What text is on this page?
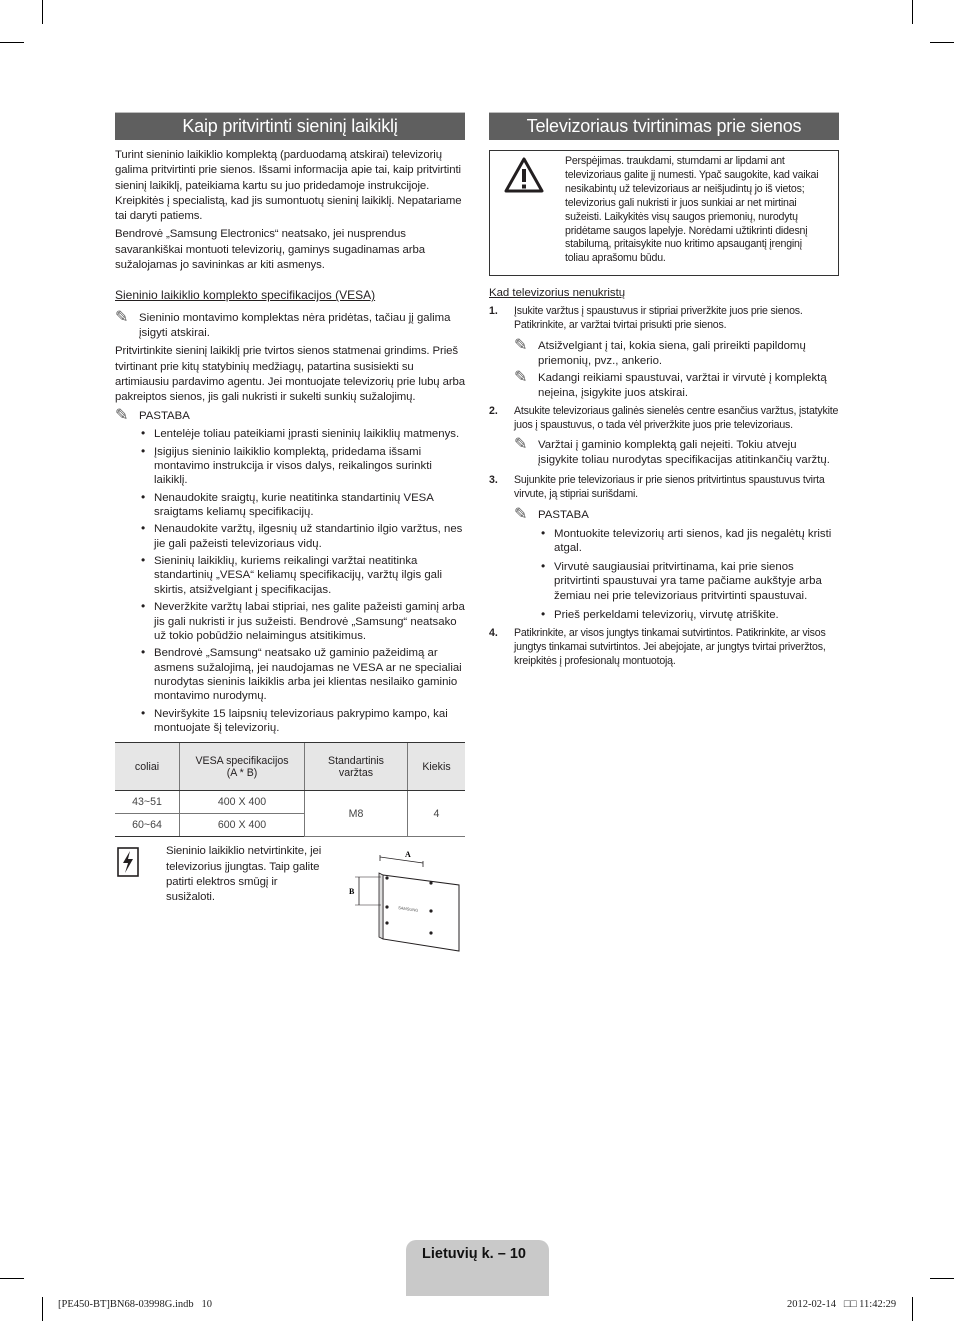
Kaip pritvirtinti sieninį laikiklį

Turint sieninio laikiklio komplektą (parduodamą atskirai) televizorių galima pritvirtinti prie sienos. Išsami informacija apie tai, kaip pritvirtinti sieninį laikiklį, pateikiama kartu su juo pridedamoje instrukcijoje. Kreipkitės į specialistą, kad jis sumontuotų sieninį laikiklį. Nepatariame tai daryti patiems.

Bendrovė „Samsung Electronics“ neatsako, jei nusprendus savarankiškai montuoti televizorių, gaminys sugadinamas arba sužalojamas jo savininkas ar kiti asmenys.

Sieninio laikiklio komplekto specifikacijos (VESA)
✎ Sieninio montavimo komplektas nėra pridėtas, tačiau jį galima įsigyti atskirai.

Pritvirtinkite sieninį laikiklį prie tvirtos sienos statmenai grindims. Prieš tvirtinant prie kitų statybinių medžiagų, patartina susisiekti su artimiausiu pardavimo agentu. Jei montuojate televizorių prie lubų arba pakreiptos sienos, jis gali nukristi ir sukelti sunkių sužalojimų.

✎ PASTABA
• Lentelėje toliau pateikiami įprasti sieninių laikiklių matmenys.
• Įsigijus sieninio laikiklio komplektą, pridedama išsami montavimo instrukcija ir visos dalys, reikalingos surinkti laikiklį.
• Nenaudokite sraigtų, kurie neatitinka standartinių VESA sraigtams keliamų specifikacijų.
• Nenaudokite varžtų, ilgesnių už standartinio ilgio varžtus, nes jie gali pažeisti televizoriaus vidų.
• Sieninių laikiklių, kuriems reikalingi varžtai neatitinka standartinių „VESA“ keliamų specifikacijų, varžtų ilgis gali skirtis, atsižvelgiant į specifikacijas.
• Neveržkite varžtų labai stipriai, nes galite pažeisti gaminį arba jis gali nukristi ir jus sužeisti. Bendrovė „Samsung“ neatsako už tokio pobūdžio nelaimingus atsitikimus.
• Bendrovė „Samsung“ neatsako už gaminio pažeidimą ar asmens sužalojimą, jei naudojamas ne VESA ar ne specialiai nurodytas sieninis laikiklis arba jei klientas nesilaiko gaminio montavimo nurodymų.
• Neviršykite 15 laipsnių televizoriaus pakrypimo kampo, kai montuojate šį televizorių.
coliai	VESA specifikacijos (A * B)	Standartinis varžtas	Kiekis
43~51	400 X 400	M8	4
60~64	600 X 400		

Sieninio laikiklio netvirtinkite, jei televizorius įjungtas. Taip galite patirti elektros smūgį ir susižaloti.

A
B
SAMSUNG
Televizoriaus tvirtinimas prie sienos

Perspėjimas. traukdami, stumdami ar lipdami ant televizoriaus galite jį numesti. Ypač saugokite, kad vaikai nesikabintų už televizoriaus ar neišjudintų jo iš vietos; televizorius gali nukristi ir juos sunkiai ar net mirtinai sužeisti. Laikykitės visų saugos priemonių, nurodytų pridėtame saugos lapelyje. Norėdami užtikrinti didesnį stabilumą, pritaisykite nuo kritimo apsaugantį įrenginį toliau aprašomu būdu.

Kad televizorius nenukristų
1. Įsukite varžtus į spaustuvus ir stipriai priveržkite juos prie sienos. Patikrinkite, ar varžtai tvirtai prisukti prie sienos.
✎ Atsižvelgiant į tai, kokia siena, gali prireikti papildomų priemonių, pvz., ankerio.
✎ Kadangi reikiami spaustuvai, varžtai ir virvutė į komplektą neįeina, įsigykite juos atskirai.
2. Atsukite televizoriaus galinės sienelės centre esančius varžtus, įstatykite juos į spaustuvus, o tada vėl priveržkite juos prie televizoriaus.
✎ Varžtai į gaminio komplektą gali neįeiti. Tokiu atveju įsigykite toliau nurodytas specifikacijas atitinkančių varžtų.
3. Sujunkite prie televizoriaus ir prie sienos pritvirtintus spaustuvus tvirta virvute, ją stipriai surišdami.
✎ PASTABA
• Montuokite televizorių arti sienos, kad jis negalėtų kristi atgal.
• Virvutė saugiausiai pritvirtinama, kai prie sienos pritvirtinti spaustuvai yra tame pačiame aukštyje arba žemiau nei prie televizoriaus pritvirtinti spaustuvai.
• Prieš perkeldami televizorių, virvutę atriškite.
4. Patikrinkite, ar visos jungtys tinkamai sutvirtintos. Patikrinkite, ar visos jungtys tinkamai sutvirtintos. Jei abejojate, ar jungtys tvirtai priveržtos, kreipkitės į profesionalų montuotoją.
Lietuvių k. – 10
[PE450-BT]BN68-03998G.indb   10	2012-02-14   □□ 11:42:29
